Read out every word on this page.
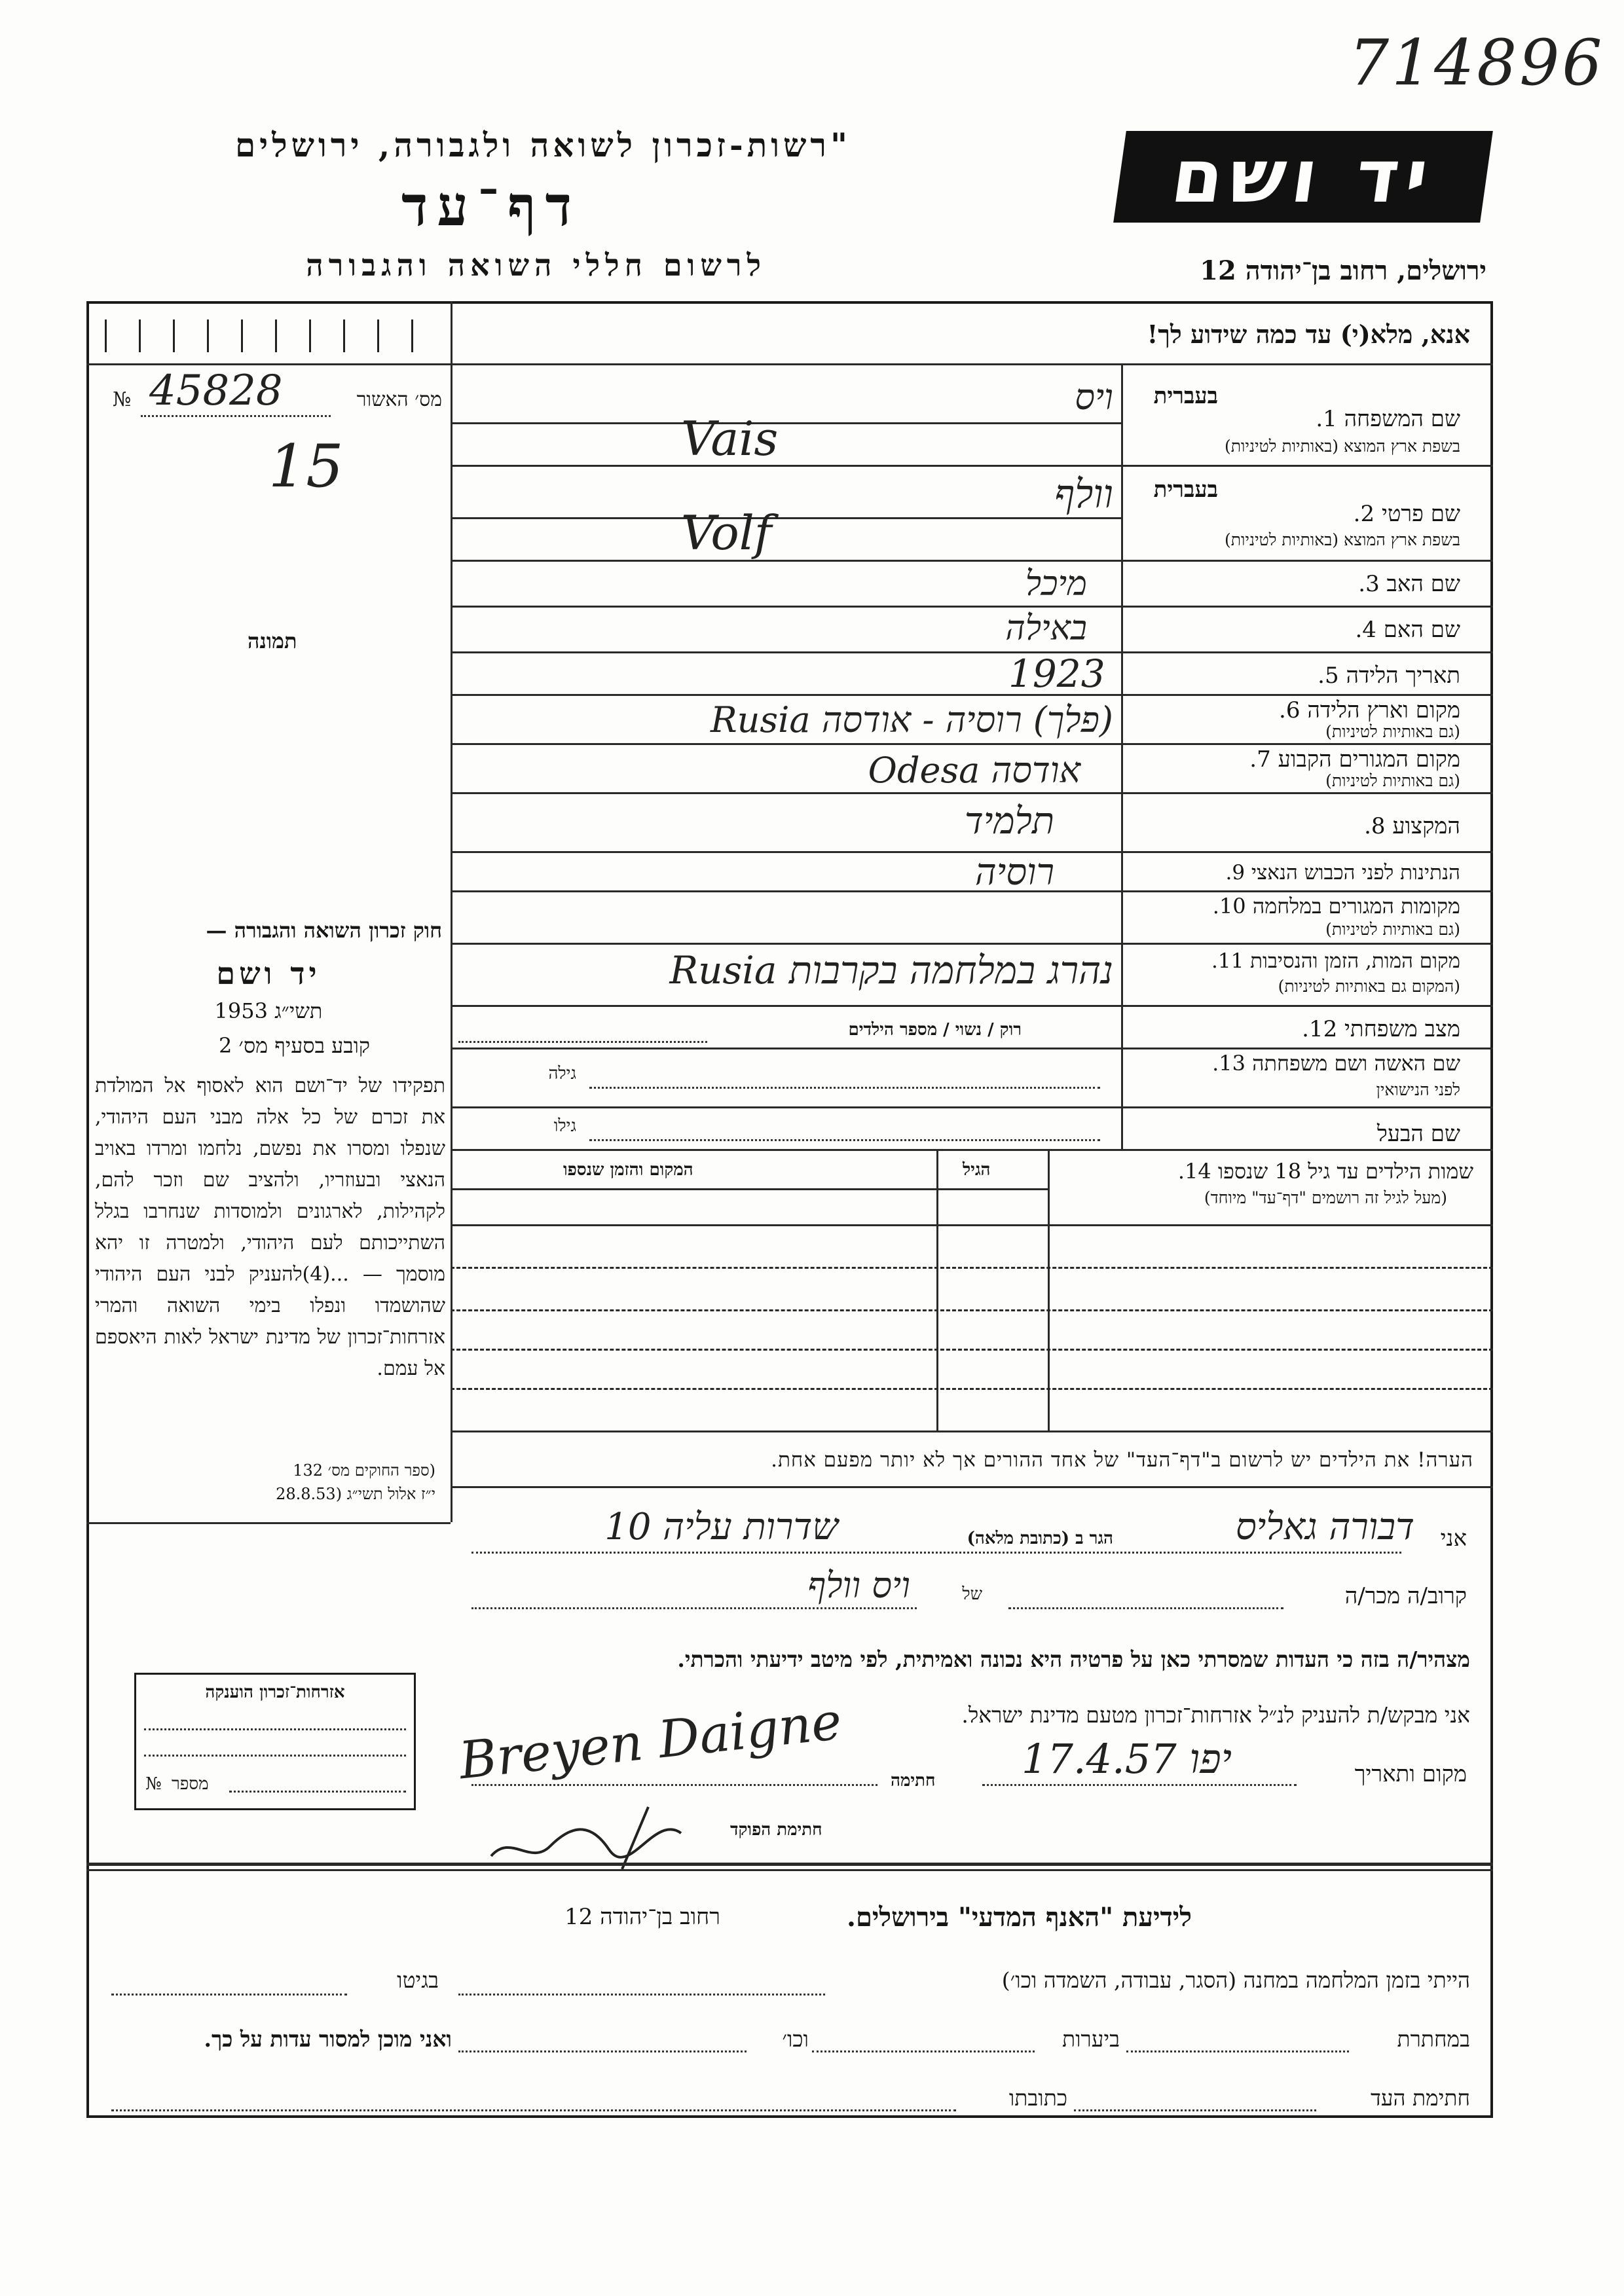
714896
"רשות-זכרון לשואה ולגבורה, ירושלים
דף־עד
לרשום חללי השואה והגבורה
יד ושם
ירושלים, רחוב בן־יהודה 12
אנא, מלא(י) עד כמה שידוע לך!
№ 45828	מס׳ האשור
15
תמונה
בעברית
שם המשפחה 1.
בשפת ארץ המוצא (באותיות לטיניות)
ויס
Vais
בעברית
שם פרטי 2.
בשפת ארץ המוצא (באותיות לטיניות)
וולף
Volf
שם האב 3.
מיכל
שם האם 4.
באילה
תאריך הלידה 5.
1923
מקום וארץ הלידה 6.
(גם באותיות לטיניות)
(פלך) רוסיה - אודסה Rusia
מקום המגורים הקבוע 7.
(גם באותיות לטיניות)
אודסה Odesa
המקצוע 8.
תלמיד
הנתינות לפני הכבוש הנאצי 9.
רוסיה
מקומות המגורים במלחמה 10.
(גם באותיות לטיניות)
מקום המות, הזמן והנסיבות 11.
(המקום גם באותיות לטיניות)
נהרג במלחמה בקרבות Rusia
מצב משפחתי 12.
רוק / נשוי / מספר הילדים
שם האשה ושם משפחתה 13.
לפני הנישואין
גילה
שם הבעל
גילו
שמות הילדים עד גיל 18 שנספו 14.
(מעל לגיל זה רושמים "דף־עד" מיוחד)
הגיל
המקום והזמן שנספו
הערה! את הילדים יש לרשום ב"דף־העד" של אחד ההורים אך לא יותר מפעם אחת.
חוק זכרון השואה והגבורה —
יד ושם
1953 תשי״ג
קובע בסעיף מס׳ 2
תפקידו של יד־ושם הוא לאסוף אל המולדת את זכרם של כל אלה מבני העם היהודי, שנפלו ומסרו את נפשם, נלחמו ומרדו באויב הנאצי ובעוזריו, ולהציב שם וזכר להם, לקהילות, לארגונים ולמוסדות שנחרבו בגלל השתייכותם לעם היהודי, ולמטרה זו יהא מוסמך — ...(4)להעניק לבני העם היהודי שהושמדו ונפלו בימי השואה והמרי אזרחות־זכרון של מדינת ישראל לאות היאספם אל עמם.
(ספר החוקים מס׳ 132
י״ז אלול תשי״ג (28.8.53
אני
דבורה גאליס
הגר ב (כתובת מלאה)
שדרות עליה 10
קרוב/ה מכר/ה
של
ויס וולף
מצהיר/ה בזה כי העדות שמסרתי כאן על פרטיה היא נכונה ואמיתית, לפי מיטב ידיעתי והכרתי.
אני מבקש/ת להעניק לנ״ל אזרחות־זכרון מטעם מדינת ישראל.
מקום ותאריך
יפו 17.4.57
חתימה
Breyen Daigne
חתימת הפוקד
אזרחות־זכרון הוענקה
№ מספר
לידיעת "האנף המדעי" בירושלים.
רחוב בן־יהודה 12
הייתי בזמן המלחמה במחנה (הסגר, עבודה, השמדה וכו׳)
בגיטו
במחתרת
ביערות
וכו׳
ואני מוכן למסור עדות על כך.
חתימת העד
כתובתו
